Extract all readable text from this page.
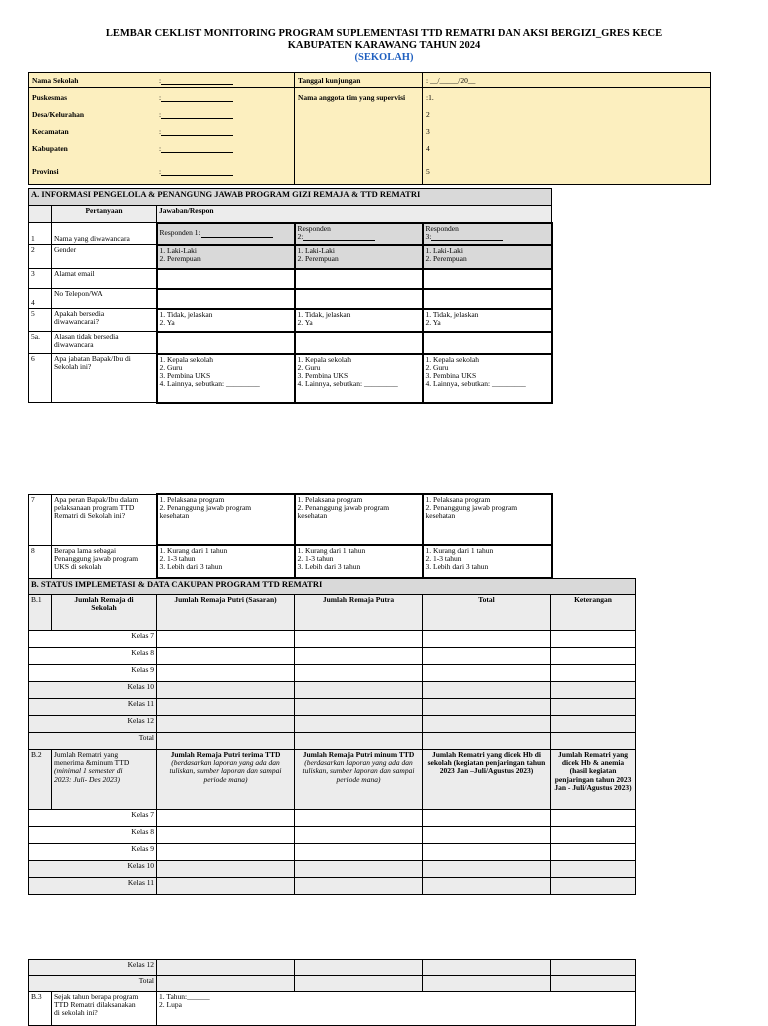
LEMBAR CEKLIST MONITORING PROGRAM SUPLEMENTASI TTD REMATRI DAN AKSI BERGIZI_GRES KECE
KABUPATEN KARAWANG TAHUN 2024
(SEKOLAH)
Nama Sekolah	:
Puskesmas	:
Desa/Kelurahan	:
Kecamatan	:
Kabupaten	:
Provinsi	:
Tanggal kunjungan	: __/_____/20__
Nama anggota tim yang supervisi	:1.
2
3
4
5
A. INFORMASI PENGELOLA & PENANGUNG JAWAB PROGRAM GIZI REMAJA & TTD REMATRI				
	Pertanyaan	Jawaban/Respon		
1	Nama yang diwawancara	Responden 1:	Responden
2:	Responden
3:
2	Gender	1. Laki-Laki
2. Perempuan	1. Laki-Laki
2. Perempuan	1. Laki-Laki
2. Perempuan

3	Alamat email			
4	No Telepon/WA			
5	Apakah bersedia
diwawancarai?	1. Tidak, jelaskan
2. Ya	1. Tidak, jelaskan
2. Ya	1. Tidak, jelaskan
2. Ya

5a.	Alasan tidak bersedia
diwawancara			

6	Apa jabatan Bapak/Ibu di
Sekolah ini?	1. Kepala sekolah
2. Guru
3. Pembina UKS
4. Lainnya, sebutkan: _________	1. Kepala sekolah
2. Guru
3. Pembina UKS
4. Lainnya, sebutkan: _________	1. Kepala sekolah
2. Guru
3. Pembina UKS
4. Lainnya, sebutkan: _________
7	Apa peran Bapak/Ibu dalam
pelaksanaan program TTD
Rematri di Sekolah ini?	1. Pelaksana program
2. Penanggung jawab program
kesehatan	1. Pelaksana program
2. Penanggung jawab program
kesehatan	1. Pelaksana program
2. Penanggung jawab program
kesehatan

8	Berapa lama sebagai
Penanggung jawab program
UKS di sekolah	1. Kurang dari 1 tahun
2. 1-3 tahun
3. Lebih dari 3 tahun	1. Kurang dari 1 tahun
2. 1-3 tahun
3. Lebih dari 3 tahun	1. Kurang dari 1 tahun
2. 1-3 tahun
3. Lebih dari 3 tahun
B. STATUS IMPLEMETASI & DATA CAKUPAN PROGRAM TTD REMATRI					
B.1	Jumlah Remaja di
Sekolah	Jumlah Remaja Putri (Sasaran)	Jumlah Remaja Putra	Total	Keterangan
Kelas 7					
Kelas 8					
Kelas 9					
Kelas 10					
Kelas 11					
Kelas 12					
Total					
B.2	Jumlah Rematri yang
menerima &minum TTD
(minimal 1 semester di
2023: Juli- Des 2023)	Jumlah Remaja Putri terima TTD
(berdasarkan laporan yang ada dan tuliskan, sumber laporan dan sampai periode mana)	Jumlah Remaja Putri minum TTD
(berdasarkan laporan yang ada dan tuliskan, sumber laporan dan sampai periode mana)	Jumlah Rematri yang dicek Hb di sekolah (kegiatan penjaringan tahun 2023 Jan –Juli/Agustus 2023)	Jumlah Rematri yang dicek Hb & anemia (hasil kegiatan penjaringan tahun 2023 Jan - Juli/Agustus 2023)
Kelas 7					
Kelas 8					
Kelas 9					
Kelas 10					
Kelas 11					
Kelas 12					
Total					
B.3	Sejak tahun berapa program
TTD Rematri dilaksanakan
di sekolah ini?	1. Tahun:______
2. Lupa			
